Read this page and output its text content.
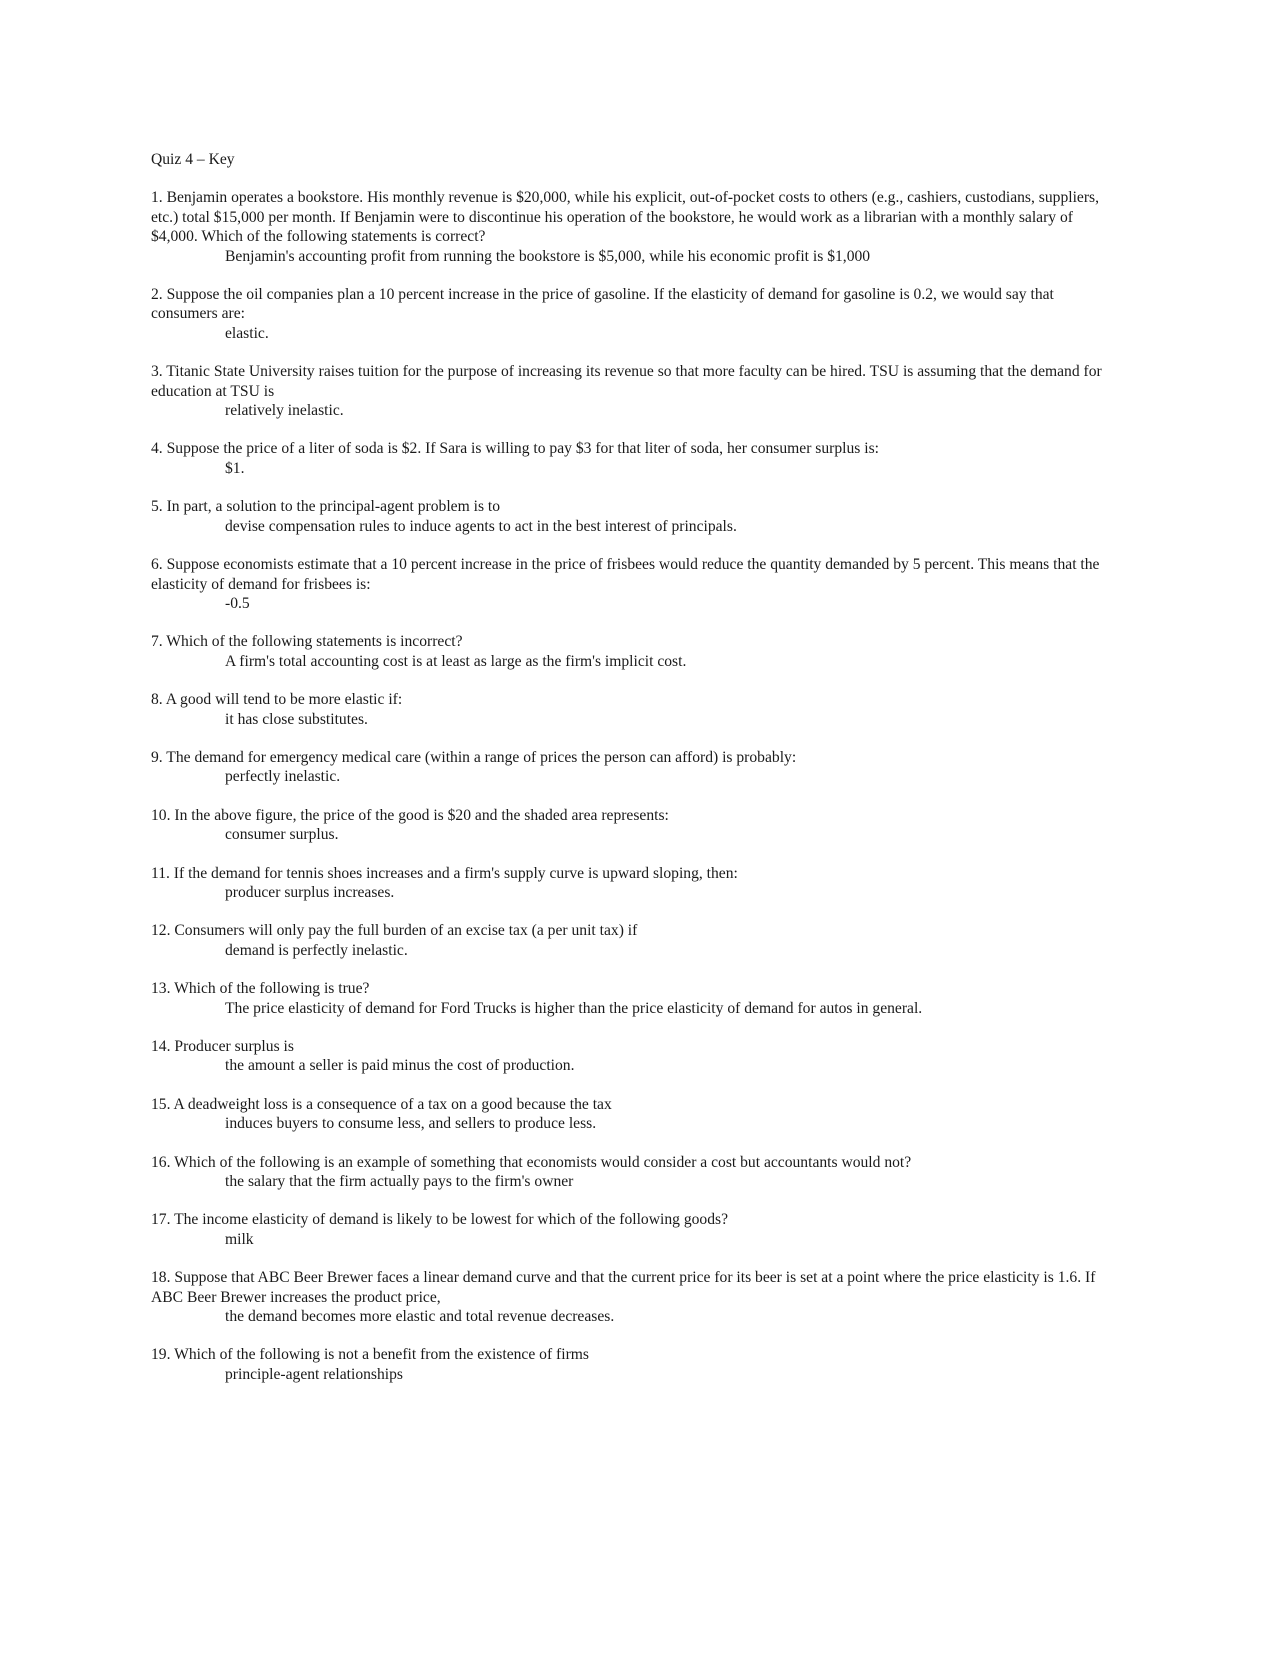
Quiz 4 – Key
1. Benjamin operates a bookstore. His monthly revenue is $20,000, while his explicit, out-of-pocket costs to others (e.g., cashiers, custodians, suppliers, etc.) total $15,000 per month. If Benjamin were to discontinue his operation of the bookstore, he would work as a librarian with a monthly salary of $4,000. Which of the following statements is correct?
Benjamin's accounting profit from running the bookstore is $5,000, while his economic profit is $1,000
2. Suppose the oil companies plan a 10 percent increase in the price of gasoline. If the elasticity of demand for gasoline is 0.2, we would say that consumers are:
elastic.
3. Titanic State University raises tuition for the purpose of increasing its revenue so that more faculty can be hired. TSU is assuming that the demand for education at TSU is
relatively inelastic.
4. Suppose the price of a liter of soda is $2. If Sara is willing to pay $3 for that liter of soda, her consumer surplus is:
$1.
5. In part, a solution to the principal-agent problem is to
devise compensation rules to induce agents to act in the best interest of principals.
6. Suppose economists estimate that a 10 percent increase in the price of frisbees would reduce the quantity demanded by 5 percent. This means that the elasticity of demand for frisbees is:
-0.5
7. Which of the following statements is incorrect?
A firm's total accounting cost is at least as large as the firm's implicit cost.
8. A good will tend to be more elastic if:
it has close substitutes.
9. The demand for emergency medical care (within a range of prices the person can afford) is probably:
perfectly inelastic.
10. In the above figure, the price of the good is $20 and the shaded area represents:
consumer surplus.
11. If the demand for tennis shoes increases and a firm's supply curve is upward sloping, then:
producer surplus increases.
12. Consumers will only pay the full burden of an excise tax (a per unit tax) if
demand is perfectly inelastic.
13. Which of the following is true?
The price elasticity of demand for Ford Trucks is higher than the price elasticity of demand for autos in general.
14. Producer surplus is
the amount a seller is paid minus the cost of production.
15. A deadweight loss is a consequence of a tax on a good because the tax
induces buyers to consume less, and sellers to produce less.
16. Which of the following is an example of something that economists would consider a cost but accountants would not?
the salary that the firm actually pays to the firm's owner
17. The income elasticity of demand is likely to be lowest for which of the following goods?
milk
18. Suppose that ABC Beer Brewer faces a linear demand curve and that the current price for its beer is set at a point where the price elasticity is 1.6. If ABC Beer Brewer increases the product price,
the demand becomes more elastic and total revenue decreases.
19. Which of the following is not a benefit from the existence of firms
principle-agent relationships
